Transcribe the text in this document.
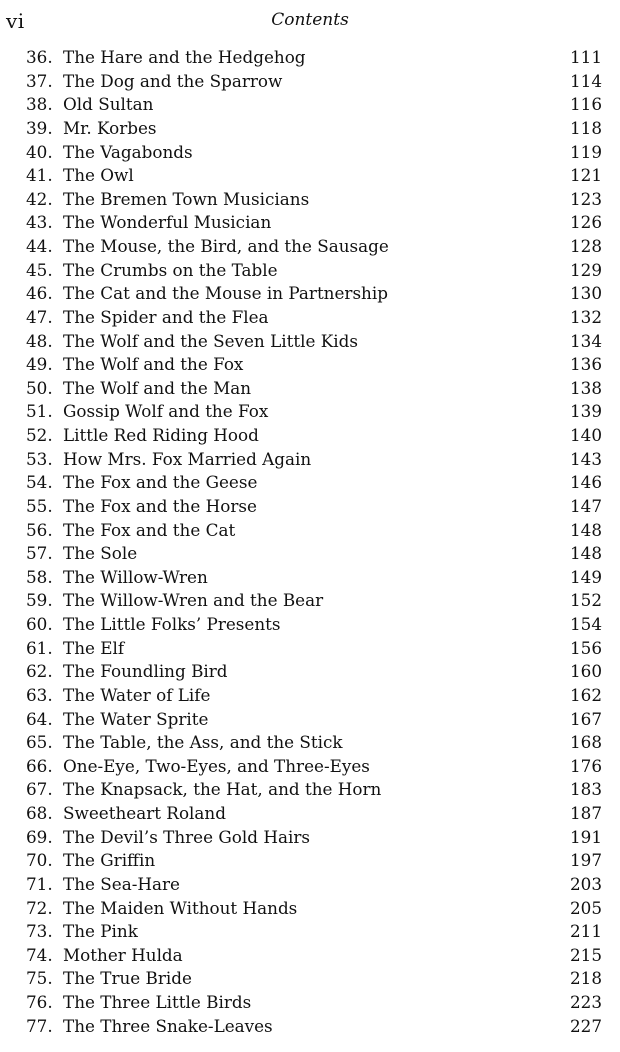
vi	Contents
36. The Hare and the Hedgehog	111
37. The Dog and the Sparrow	114
38. Old Sultan	116
39. Mr. Korbes	118
40. The Vagabonds	119
41. The Owl	121
42. The Bremen Town Musicians	123
43. The Wonderful Musician	126
44. The Mouse, the Bird, and the Sausage	128
45. The Crumbs on the Table	129
46. The Cat and the Mouse in Partnership	130
47. The Spider and the Flea	132
48. The Wolf and the Seven Little Kids	134
49. The Wolf and the Fox	136
50. The Wolf and the Man	138
51. Gossip Wolf and the Fox	139
52. Little Red Riding Hood	140
53. How Mrs. Fox Married Again	143
54. The Fox and the Geese	146
55. The Fox and the Horse	147
56. The Fox and the Cat	148
57. The Sole	148
58. The Willow-Wren	149
59. The Willow-Wren and the Bear	152
60. The Little Folks’ Presents	154
61. The Elf	156
62. The Foundling Bird	160
63. The Water of Life	162
64. The Water Sprite	167
65. The Table, the Ass, and the Stick	168
66. One-Eye, Two-Eyes, and Three-Eyes	176
67. The Knapsack, the Hat, and the Horn	183
68. Sweetheart Roland	187
69. The Devil’s Three Gold Hairs	191
70. The Griffin	197
71. The Sea-Hare	203
72. The Maiden Without Hands	205
73. The Pink	211
74. Mother Hulda	215
75. The True Bride	218
76. The Three Little Birds	223
77. The Three Snake-Leaves	227
